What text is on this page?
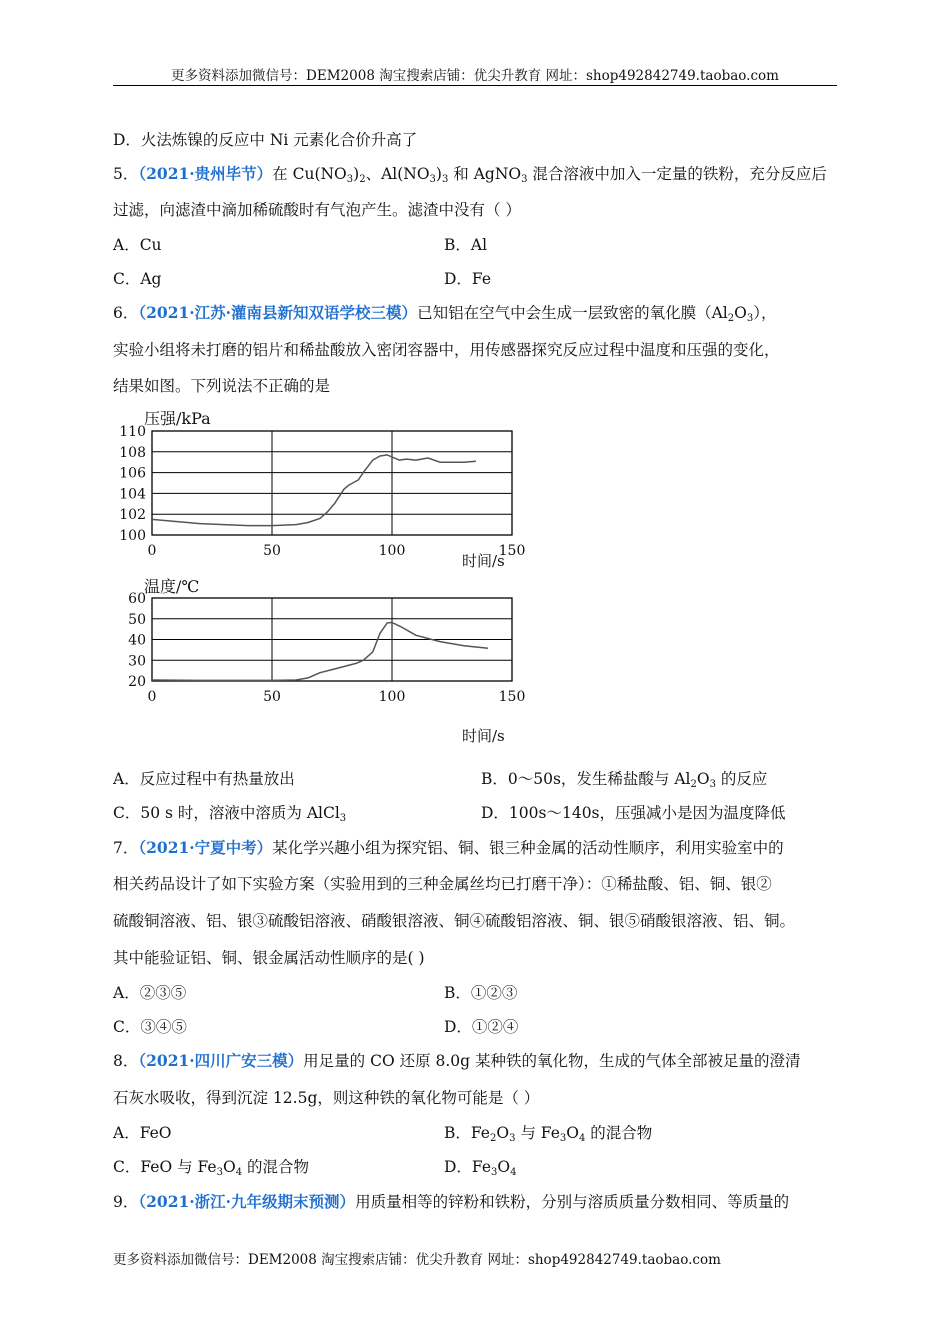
更多资料添加微信号：DEM2008 淘宝搜索店铺：优尖升教育 网址：shop492842749.taobao.com
D．火法炼镍的反应中 Ni 元素化合价升高了
5．（2021·贵州毕节）在 $Cu(NO_3)_2$、$Al(NO_3)_3$ 和 AgNO$_3$ 混合溶液中加入一定量的铁粉，充分反应后
过滤，向滤渣中滴加稀硫酸时有气泡产生。滤渣中没有（ ）
A．Cu	B．Al
C．Ag	D．Fe
6．（2021·江苏·灌南县新知双语学校三模）已知铝在空气中会生成一层致密的氧化膜$(Al_2O_3)$，
实验小组将未打磨的铝片和稀盐酸放入密闭容器中，用传感器探究反应过程中温度和压强的变化，
结果如图。下列说法不正确的是
100
102
104
106
108
110
0	50	100	150
压强/kPa
时间/s
20
30
40
50
60
0	50	100	150
温度/℃
时间/s
A．反应过程中有热量放出	B．0～50s，发生稀盐酸与 $Al_2O_3$ 的反应
C．50 s 时，溶液中溶质为 AlCl$_3$	D．100s～140s，压强减小是因为温度降低
7．（2021·宁夏中考）某化学兴趣小组为探究铝、铜、银三种金属的活动性顺序，利用实验室中的
相关药品设计了如下实验方案（实验用到的三种金属丝均已打磨干净）：①稀盐酸、铝、铜、银②
硫酸铜溶液、铝、银③硫酸铝溶液、硝酸银溶液、铜④硫酸铝溶液、铜、银⑤硝酸银溶液、铝、铜。
其中能验证铝、铜、银金属活动性顺序的是( )
A．②③⑤	B．①②③
C．③④⑤	D．①②④
8．（2021·四川广安三模）用足量的 CO 还原 8.0g 某种铁的氧化物，生成的气体全部被足量的澄清
石灰水吸收，得到沉淀 12.5g，则这种铁的氧化物可能是（ ）
A．FeO	B．$Fe_2O_3$ 与 $Fe_3O_4$ 的混合物
C．FeO 与 $Fe_3O_4$ 的混合物	D．$Fe_3O_4$
9．（2021·浙江·九年级期末预测）用质量相等的锌粉和铁粉，分别与溶质质量分数相同、等质量的
更多资料添加微信号：DEM2008 淘宝搜索店铺：优尖升教育 网址：shop492842749.taobao.com
